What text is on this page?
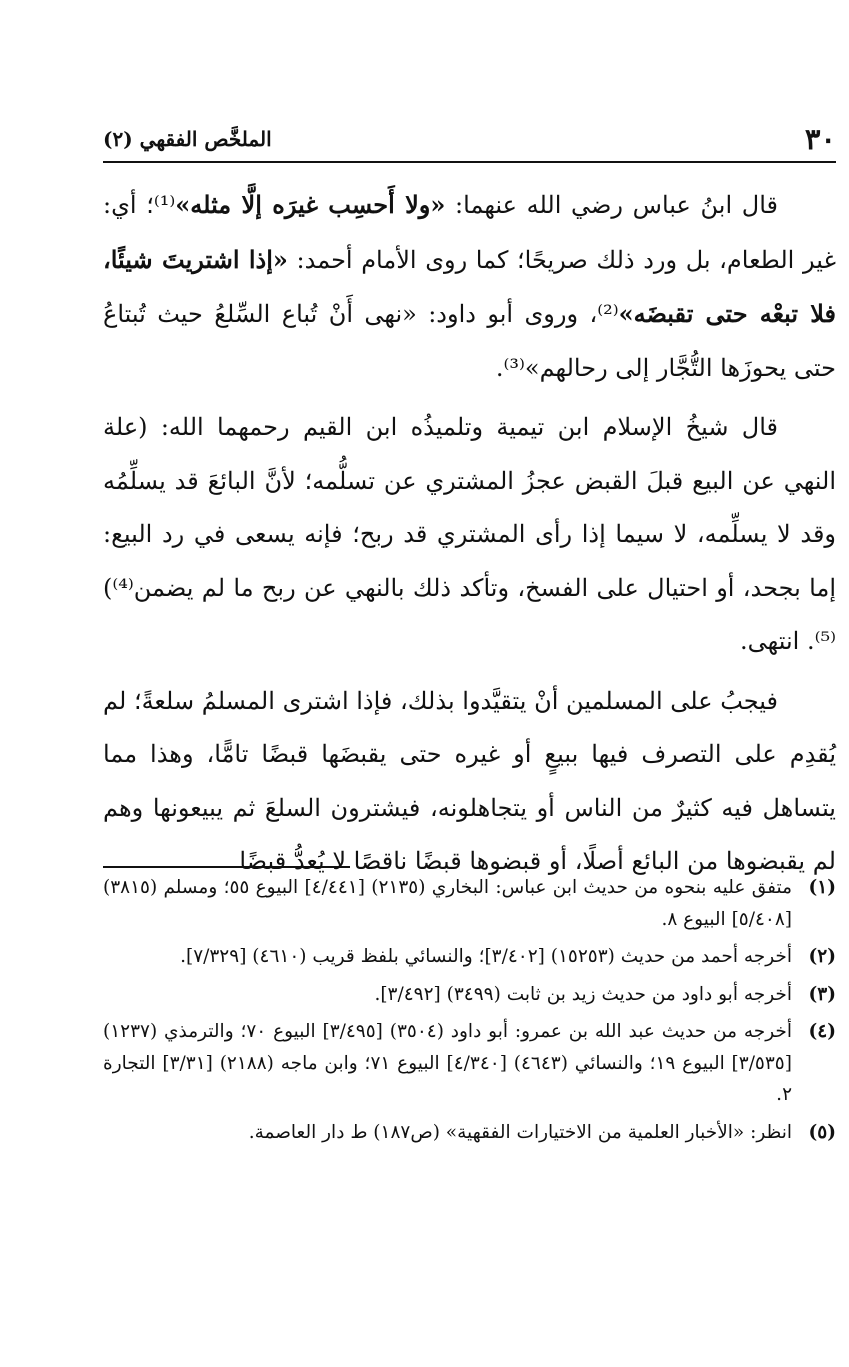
٣٠
الملخَّص الفقهي (٢)

قال ابنُ عباس رضي الله عنهما: «ولا أَحسِب غيرَه إلَّا مثله»⁽¹⁾؛ أي: غير الطعام، بل ورد ذلك صريحًا؛ كما روى الأمام أحمد: «إذا اشتريتَ شيئًا، فلا تبعْه حتى تقبضَه»⁽²⁾، وروى أبو داود: «نهى أَنْ تُباع السِّلعُ حيث تُبتاعُ حتى يحوزَها التُّجَّار إلى رحالهم»⁽³⁾.

قال شيخُ الإسلام ابن تيمية وتلميذُه ابن القيم رحمهما الله: (علة النهي عن البيع قبلَ القبض عجزُ المشتري عن تسلُّمه؛ لأنَّ البائعَ قد يسلِّمُه وقد لا يسلِّمه، لا سيما إذا رأى المشتري قد ربح؛ فإنه يسعى في رد البيع: إما بجحد، أو احتيال على الفسخ، وتأكد ذلك بالنهي عن ربح ما لم يضمن⁽⁴⁾)⁽⁵⁾. انتهى.

فيجبُ على المسلمين أنْ يتقيَّدوا بذلك، فإذا اشترى المسلمُ سلعةً؛ لم يُقدِم على التصرف فيها ببيعٍ أو غيره حتى يقبضَها قبضًا تامًّا، وهذا مما يتساهل فيه كثيرٌ من الناس أو يتجاهلونه، فيشترون السلعَ ثم يبيعونها وهم لم يقبضوها من البائع أصلًا، أو قبضوها قبضًا ناقصًا لا يُعدُّ قبضًا

(١)
متفق عليه بنحوه من حديث ابن عباس: البخاري (٢١٣٥) [٤/٤٤١] البيوع ٥٥؛ ومسلم (٣٨١٥) [٥/٤٠٨] البيوع ٨.
(٢)
أخرجه أحمد من حديث (١٥٢٥٣) [٣/٤٠٢]؛ والنسائي بلفظ قريب (٤٦١٠) [٧/٣٢٩].
(٣)
أخرجه أبو داود من حديث زيد بن ثابت (٣٤٩٩) [٣/٤٩٢].
(٤)
أخرجه من حديث عبد الله بن عمرو: أبو داود (٣٥٠٤) [٣/٤٩٥] البيوع ٧٠؛ والترمذي (١٢٣٧) [٣/٥٣٥] البيوع ١٩؛ والنسائي (٤٦٤٣) [٤/٣٤٠] البيوع ٧١؛ وابن ماجه (٢١٨٨) [٣/٣١] التجارة ٢.
(٥)
انظر: «الأخبار العلمية من الاختيارات الفقهية» (ص١٨٧) ط دار العاصمة.
